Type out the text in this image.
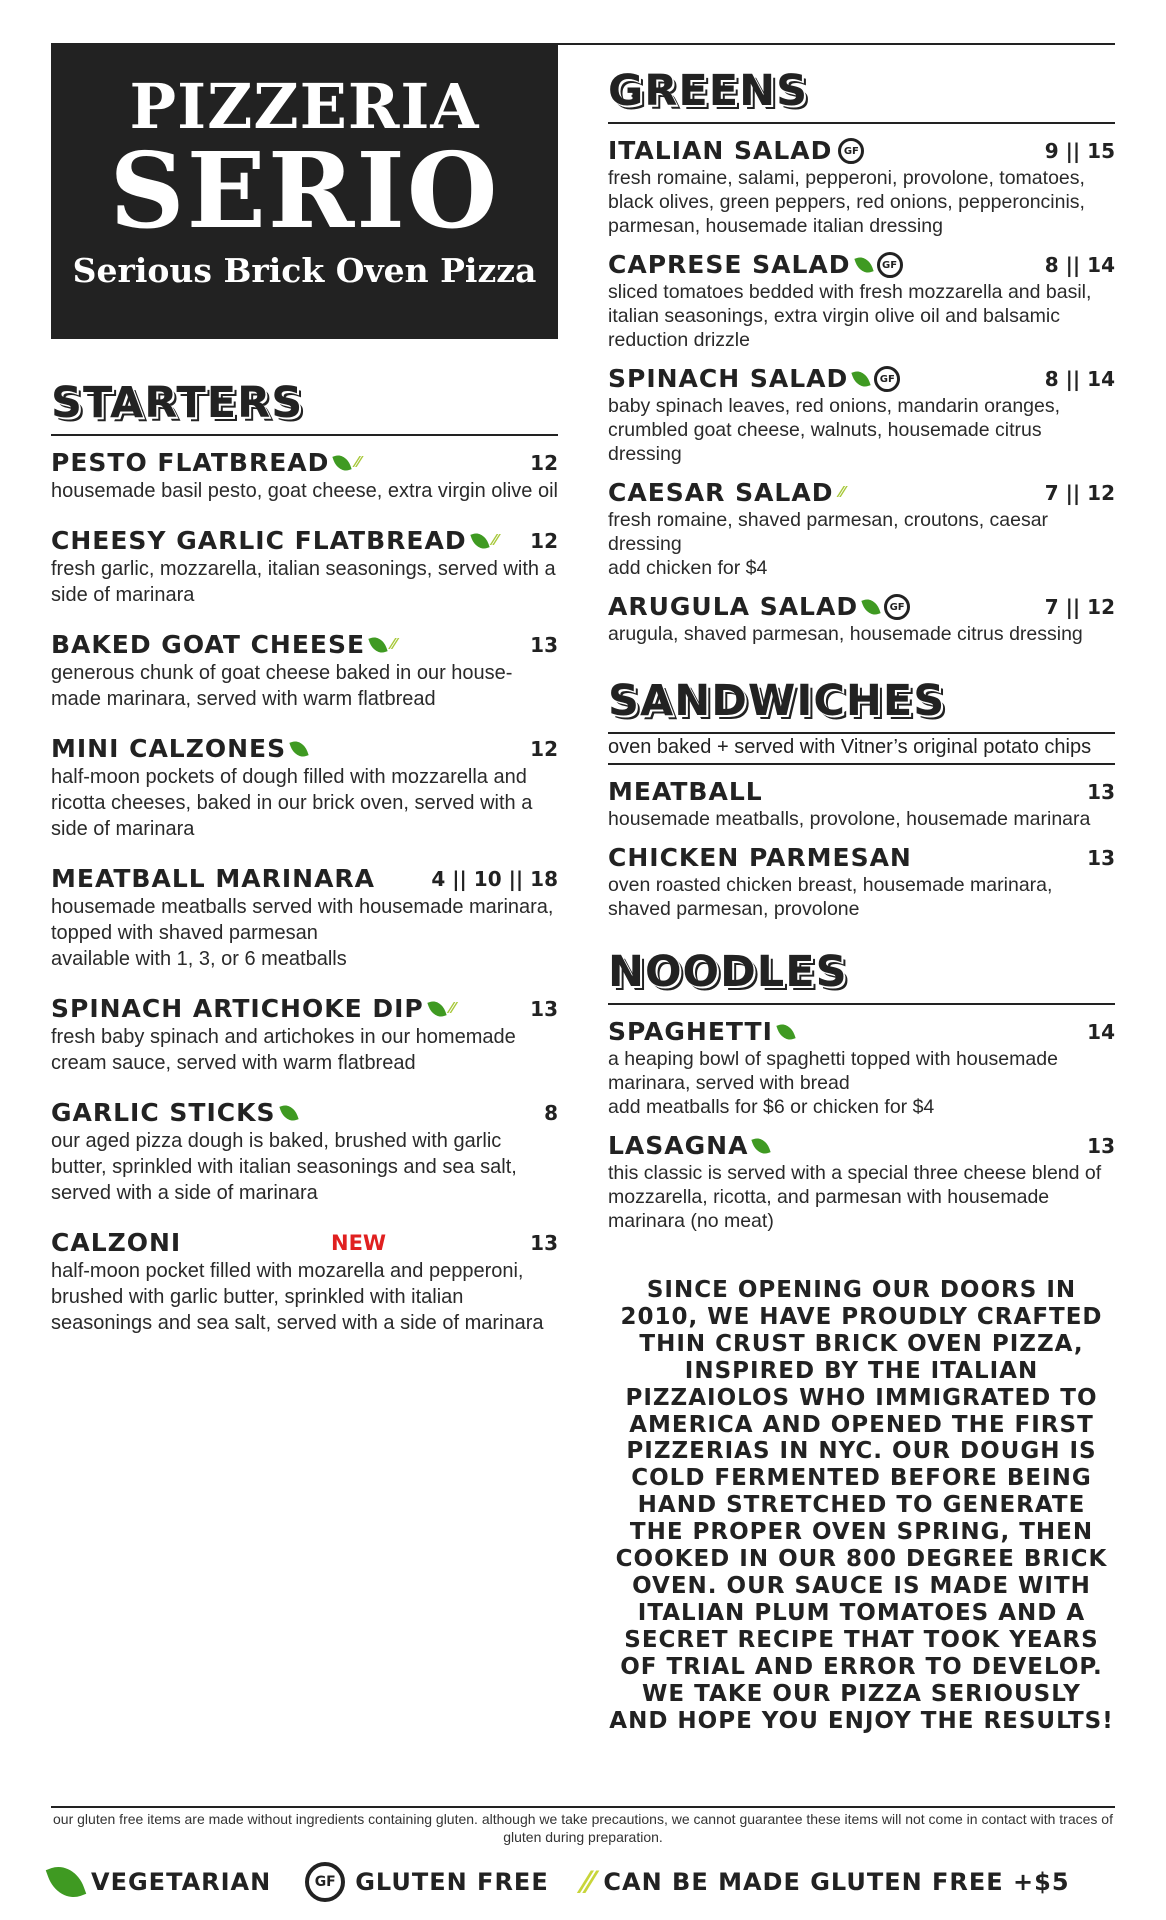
PIZZERIA
SERIO
Serious Brick Oven Pizza
STARTERS
PESTO FLATBREAD ⁄⁄	12
housemade basil pesto, goat cheese, extra virgin olive oil
CHEESY GARLIC FLATBREAD ⁄⁄	12
fresh garlic, mozzarella, italian seasonings, served with a side of marinara
BAKED GOAT CHEESE ⁄⁄	13
generous chunk of goat cheese baked in our house-made marinara, served with warm flatbread
MINI CALZONES	12
half-moon pockets of dough filled with mozzarella and ricotta cheeses, baked in our brick oven, served with a side of marinara
MEATBALL MARINARA	4 || 10 || 18
housemade meatballs served with housemade marinara, topped with shaved parmesan
available with 1, 3, or 6 meatballs
SPINACH ARTICHOKE DIP ⁄⁄	13
fresh baby spinach and artichokes in our homemade cream sauce, served with warm flatbread
GARLIC STICKS	8
our aged pizza dough is baked, brushed with garlic butter, sprinkled with italian seasonings and sea salt, served with a side of marinara
CALZONI	NEW	13
half-moon pocket filled with mozarella and pepperoni, brushed with garlic butter, sprinkled with italian seasonings and sea salt, served with a side of marinara
GREENS
ITALIAN SALAD	GF	9 || 15
fresh romaine, salami, pepperoni, provolone, tomatoes, black olives, green peppers, red onions, pepperoncinis, parmesan, housemade italian dressing
CAPRESE SALAD	GF	8 || 14
sliced tomatoes bedded with fresh mozzarella and basil, italian seasonings, extra virgin olive oil and balsamic reduction drizzle
SPINACH SALAD	GF	8 || 14
baby spinach leaves, red onions, mandarin oranges, crumbled goat cheese, walnuts, housemade citrus dressing
CAESAR SALAD ⁄⁄	7 || 12
fresh romaine, shaved parmesan, croutons, caesar dressing
add chicken for $4
ARUGULA SALAD	GF	7 || 12
arugula, shaved parmesan, housemade citrus dressing
SANDWICHES
oven baked + served with Vitner’s original potato chips
MEATBALL	13
housemade meatballs, provolone, housemade marinara
CHICKEN PARMESAN	13
oven roasted chicken breast, housemade marinara, shaved parmesan, provolone
NOODLES
SPAGHETTI	14
a heaping bowl of spaghetti topped with housemade marinara, served with bread
add meatballs for $6 or chicken for $4
LASAGNA	13
this classic is served with a special three cheese blend of mozzarella, ricotta, and parmesan with housemade marinara (no meat)
SINCE OPENING OUR DOORS IN 2010, WE HAVE PROUDLY CRAFTED THIN CRUST BRICK OVEN PIZZA, INSPIRED BY THE ITALIAN PIZZAIOLOS WHO IMMIGRATED TO AMERICA AND OPENED THE FIRST PIZZERIAS IN NYC. OUR DOUGH IS COLD FERMENTED BEFORE BEING HAND STRETCHED TO GENERATE THE PROPER OVEN SPRING, THEN COOKED IN OUR 800 DEGREE BRICK OVEN. OUR SAUCE IS MADE WITH ITALIAN PLUM TOMATOES AND A SECRET RECIPE THAT TOOK YEARS OF TRIAL AND ERROR TO DEVELOP. WE TAKE OUR PIZZA SERIOUSLY AND HOPE YOU ENJOY THE RESULTS!
our gluten free items are made without ingredients containing gluten. although we take precautions, we cannot guarantee these items will not come in contact with traces of gluten during preparation.
VEGETARIAN	GF GLUTEN FREE ⁄⁄ CAN BE MADE GLUTEN FREE +$5
